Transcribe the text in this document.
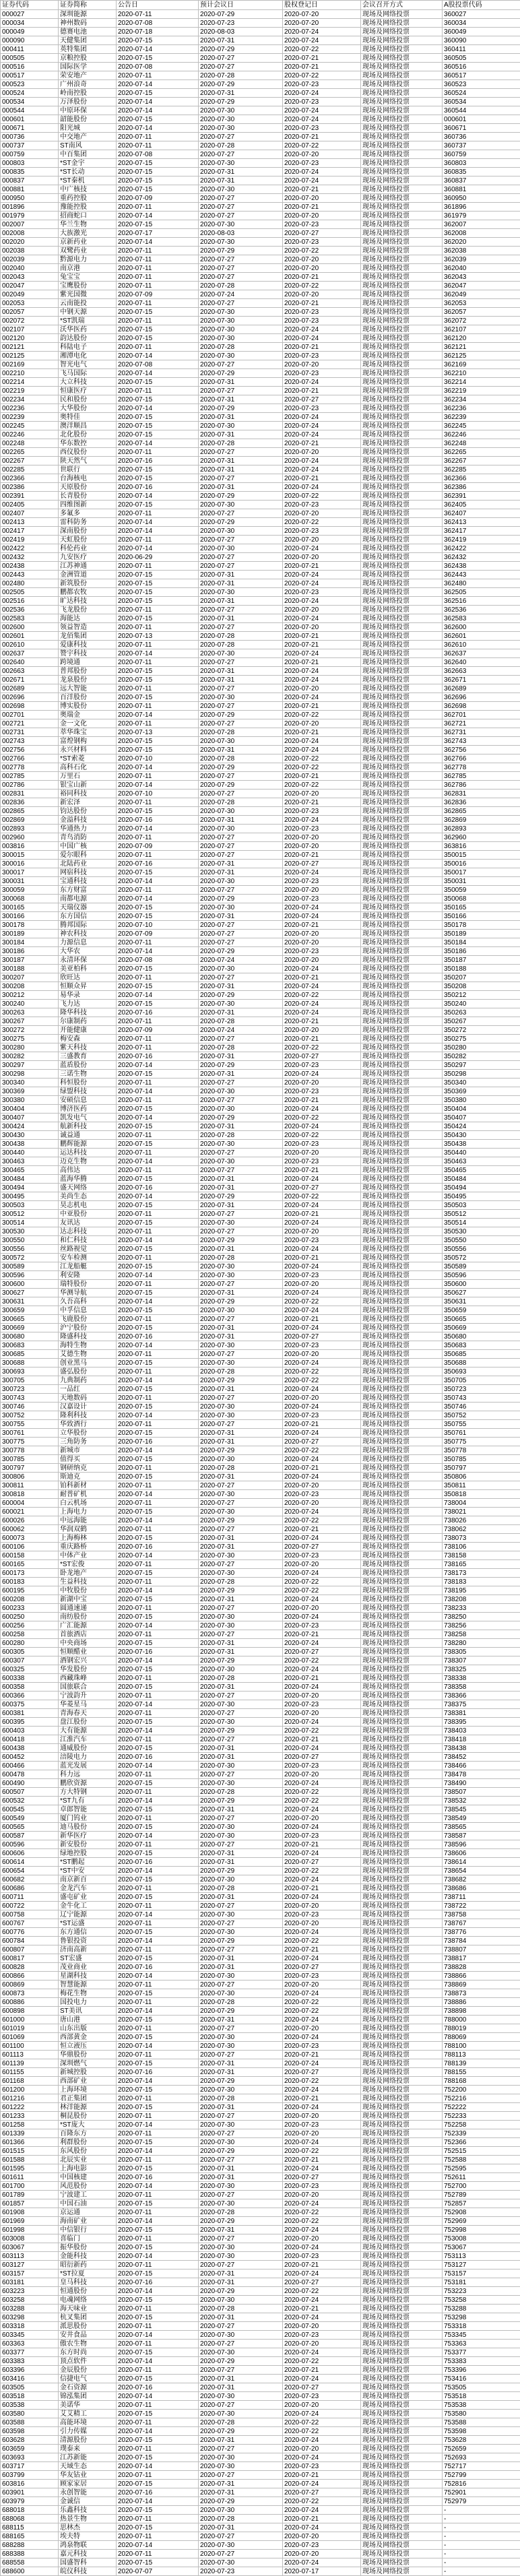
证券代码	证券简称	公告日	预计会议日	股权登记日	会议召开方式	A股投票代码
000027	深圳能源	2020-07-11	2020-07-29	2020-07-20	现场及网络投票	360027
000034	神州数码	2020-07-08	2020-07-23	2020-07-20	现场及网络投票	360034
000049	德赛电池	2020-07-18	2020-08-03	2020-07-24	现场及网络投票	360049
000090	天健集团	2020-07-15	2020-07-31	2020-07-24	现场及网络投票	360090
000411	英特集团	2020-07-14	2020-07-29	2020-07-22	现场及网络投票	360411
000505	京粮控股	2020-07-15	2020-07-27	2020-07-21	现场及网络投票	360505
000516	国际医学	2020-07-08	2020-07-27	2020-07-21	现场及网络投票	360516
000517	荣安地产	2020-07-11	2020-07-28	2020-07-22	现场及网络投票	360517
000523	广州浪奇	2020-07-14	2020-07-29	2020-07-23	现场及网络投票	360523
000524	岭南控股	2020-07-15	2020-07-31	2020-07-24	现场及网络投票	360524
000534	万泽股份	2020-07-14	2020-07-29	2020-07-23	现场及网络投票	360534
000544	中原环保	2020-07-14	2020-07-30	2020-07-24	现场及网络投票	360544
000601	韶能股份	2020-07-15	2020-07-30	2020-07-24	现场及网络投票	000601
000671	阳光城	2020-07-14	2020-07-30	2020-07-23	现场及网络投票	360671
000736	中交地产	2020-07-11	2020-07-27	2020-07-21	现场及网络投票	360736
000737	ST南风	2020-07-11	2020-07-28	2020-07-22	现场及网络投票	360737
000759	中百集团	2020-07-08	2020-07-27	2020-07-20	现场及网络投票	360759
000803	*ST金宇	2020-07-15	2020-07-30	2020-07-23	现场及网络投票	360803
000835	*ST长动	2020-07-15	2020-07-31	2020-07-24	现场及网络投票	360835
000837	*ST秦机	2020-07-15	2020-07-31	2020-07-24	现场及网络投票	360837
000881	中广核技	2020-07-15	2020-07-30	2020-07-21	现场及网络投票	360881
000950	重药控股	2020-07-09	2020-07-27	2020-07-20	现场及网络投票	360950
001896	豫能控股	2020-07-11	2020-07-27	2020-07-21	现场及网络投票	361896
001979	招商蛇口	2020-07-14	2020-07-27	2020-07-20	现场及网络投票	361979
002007	华兰生物	2020-07-15	2020-07-30	2020-07-23	现场及网络投票	362007
002008	大族激光	2020-07-17	2020-08-03	2020-07-27	现场及网络投票	362008
002020	京新药业	2020-07-14	2020-07-30	2020-07-23	现场及网络投票	362020
002038	双鹭药业	2020-07-11	2020-07-29	2020-07-22	现场及网络投票	362038
002039	黔源电力	2020-07-11	2020-07-27	2020-07-20	现场及网络投票	362039
002040	南京港	2020-07-11	2020-07-27	2020-07-20	现场及网络投票	362040
002043	兔宝宝	2020-07-11	2020-07-27	2020-07-21	现场及网络投票	362043
002047	宝鹰股份	2020-07-11	2020-07-28	2020-07-22	现场及网络投票	362047
002049	紫光国微	2020-07-09	2020-07-24	2020-07-20	现场及网络投票	362049
002053	云南能投	2020-07-11	2020-07-27	2020-07-21	现场及网络投票	362053
002057	中钢天源	2020-07-15	2020-07-30	2020-07-23	现场及网络投票	362057
002072	*ST凯瑞	2020-07-11	2020-07-30	2020-07-23	现场及网络投票	362072
002107	沃华医药	2020-07-15	2020-07-30	2020-07-24	现场及网络投票	362107
002120	韵达股份	2020-07-15	2020-07-30	2020-07-24	现场及网络投票	362120
002121	科陆电子	2020-07-11	2020-07-28	2020-07-21	现场及网络投票	362121
002125	湘潭电化	2020-07-14	2020-07-30	2020-07-23	现场及网络投票	362125
002169	智光电气	2020-07-08	2020-07-27	2020-07-20	现场及网络投票	362169
002210	飞马国际	2020-07-14	2020-07-29	2020-07-23	现场及网络投票	362210
002214	大立科技	2020-07-15	2020-07-31	2020-07-24	现场及网络投票	362214
002219	恒康医疗	2020-07-11	2020-07-27	2020-07-21	现场及网络投票	362219
002234	民和股份	2020-07-15	2020-07-31	2020-07-27	现场及网络投票	362234
002236	大华股份	2020-07-14	2020-07-29	2020-07-23	现场及网络投票	362236
002239	奥特佳	2020-07-15	2020-07-31	2020-07-24	现场及网络投票	362239
002245	澳洋顺昌	2020-07-15	2020-07-30	2020-07-24	现场及网络投票	362245
002246	北化股份	2020-07-15	2020-07-31	2020-07-24	现场及网络投票	362246
002248	华东数控	2020-07-14	2020-07-28	2020-07-21	现场及网络投票	362248
002265	西仪股份	2020-07-11	2020-07-27	2020-07-20	现场及网络投票	362265
002267	陕天然气	2020-07-16	2020-07-31	2020-07-24	现场及网络投票	362267
002285	世联行	2020-07-15	2020-07-31	2020-07-24	现场及网络投票	362285
002366	台海核电	2020-07-15	2020-07-27	2020-07-21	现场及网络投票	362366
002386	天原股份	2020-07-16	2020-07-31	2020-07-24	现场及网络投票	362386
002391	长青股份	2020-07-14	2020-07-29	2020-07-22	现场及网络投票	362391
002405	四维图新	2020-07-15	2020-07-30	2020-07-23	现场及网络投票	362405
002407	多氟多	2020-07-11	2020-07-27	2020-07-20	现场及网络投票	362407
002413	雷科防务	2020-07-14	2020-07-29	2020-07-22	现场及网络投票	362413
002417	深南股份	2020-07-14	2020-07-30	2020-07-23	现场及网络投票	362417
002419	天虹股份	2020-07-11	2020-07-27	2020-07-20	现场及网络投票	362419
002422	科伦药业	2020-07-14	2020-07-30	2020-07-24	现场及网络投票	362422
002432	九安医疗	2020-06-29	2020-07-27	2020-07-20	现场及网络投票	362432
002438	江苏神通	2020-07-11	2020-07-27	2020-07-21	现场及网络投票	362438
002443	金洲管道	2020-07-15	2020-07-31	2020-07-24	现场及网络投票	362443
002480	新筑股份	2020-07-15	2020-07-31	2020-07-24	现场及网络投票	362480
002505	鹏都农牧	2020-07-15	2020-07-30	2020-07-23	现场及网络投票	362505
002516	旷达科技	2020-07-15	2020-07-31	2020-07-24	现场及网络投票	362516
002536	飞龙股份	2020-07-11	2020-07-27	2020-07-20	现场及网络投票	362536
002583	海能达	2020-07-15	2020-07-31	2020-07-24	现场及网络投票	362583
002600	领益智造	2020-07-11	2020-07-27	2020-07-20	现场及网络投票	362600
002601	龙佰集团	2020-07-13	2020-07-28	2020-07-21	现场及网络投票	362601
002610	爱康科技	2020-07-11	2020-07-28	2020-07-21	现场及网络投票	362610
002637	赞宇科技	2020-07-14	2020-07-30	2020-07-24	现场及网络投票	362637
002640	跨境通	2020-07-11	2020-07-27	2020-07-21	现场及网络投票	362640
002663	普邦股份	2020-07-15	2020-07-31	2020-07-24	现场及网络投票	362663
002671	龙泉股份	2020-07-15	2020-07-31	2020-07-24	现场及网络投票	362671
002689	远大智能	2020-07-11	2020-07-27	2020-07-20	现场及网络投票	362689
002696	百洋股份	2020-07-15	2020-07-30	2020-07-24	现场及网络投票	362696
002698	博实股份	2020-07-11	2020-07-27	2020-07-21	现场及网络投票	362698
002701	奥瑞金	2020-07-14	2020-07-29	2020-07-22	现场及网络投票	362701
002721	金一文化	2020-07-11	2020-07-27	2020-07-20	现场及网络投票	362721
002731	萃华珠宝	2020-07-13	2020-07-28	2020-07-21	现场及网络投票	362731
002743	富煌钢构	2020-07-15	2020-07-30	2020-07-24	现场及网络投票	362743
002756	永兴材料	2020-07-15	2020-07-31	2020-07-24	现场及网络投票	362756
002766	*ST索菱	2020-07-10	2020-07-28	2020-07-22	现场及网络投票	362766
002778	高科石化	2020-07-14	2020-07-29	2020-07-22	现场及网络投票	362778
002785	万里石	2020-07-11	2020-07-27	2020-07-21	现场及网络投票	362785
002786	银宝山新	2020-07-14	2020-07-29	2020-07-22	现场及网络投票	362786
002831	裕同科技	2020-07-10	2020-07-27	2020-07-20	现场及网络投票	362831
002836	新宏泽	2020-07-11	2020-07-28	2020-07-21	现场及网络投票	362836
002865	钧达股份	2020-07-15	2020-07-30	2020-07-23	现场及网络投票	362865
002869	金溢科技	2020-07-16	2020-07-31	2020-07-24	现场及网络投票	362869
002893	华通热力	2020-07-14	2020-07-30	2020-07-23	现场及网络投票	362893
002960	青鸟消防	2020-07-11	2020-07-27	2020-07-20	现场及网络投票	362960
003816	中国广核	2020-07-09	2020-07-27	2020-07-20	现场及网络投票	363816
300015	爱尔眼科	2020-07-11	2020-07-27	2020-07-21	现场及网络投票	350015
300016	北陆药业	2020-07-16	2020-07-31	2020-07-27	现场及网络投票	350016
300017	网宿科技	2020-07-15	2020-07-31	2020-07-24	现场及网络投票	350017
300031	宝通科技	2020-07-14	2020-07-30	2020-07-23	现场及网络投票	350031
300059	东方财富	2020-07-11	2020-07-27	2020-07-20	现场及网络投票	350059
300068	南都电源	2020-07-14	2020-07-29	2020-07-23	现场及网络投票	350068
300165	天瑞仪器	2020-07-15	2020-07-30	2020-07-24	现场及网络投票	350165
300166	东方国信	2020-07-15	2020-07-31	2020-07-24	现场及网络投票	350166
300178	腾邦国际	2020-07-10	2020-07-27	2020-07-21	现场及网络投票	350178
300189	神农科技	2020-07-09	2020-07-27	2020-07-20	现场及网络投票	350189
300184	力源信息	2020-07-11	2020-07-27	2020-07-20	现场及网络投票	350184
300186	大华农	2020-07-14	2020-07-29	2020-07-23	现场及网络投票	350186
300187	永清环保	2020-07-08	2020-07-24	2020-07-20	现场及网络投票	350187
300188	美亚柏科	2020-07-15	2020-07-30	2020-07-24	现场及网络投票	350188
300207	欣旺达	2020-07-11	2020-07-27	2020-07-21	现场及网络投票	350207
300208	恒顺众昇	2020-07-15	2020-07-31	2020-07-24	现场及网络投票	350208
300212	易华录	2020-07-14	2020-07-29	2020-07-22	现场及网络投票	350212
300240	飞力达	2020-07-15	2020-07-30	2020-07-24	现场及网络投票	350240
300263	隆华科技	2020-07-16	2020-07-31	2020-07-24	现场及网络投票	350263
300267	尔康制药	2020-07-11	2020-07-28	2020-07-21	现场及网络投票	350267
300272	开能健康	2020-07-09	2020-07-24	2020-07-20	现场及网络投票	350272
300275	梅安森	2020-07-11	2020-07-27	2020-07-21	现场及网络投票	350275
300280	紫天科技	2020-07-11	2020-07-28	2020-07-22	现场及网络投票	350280
300282	三盛教育	2020-07-16	2020-07-31	2020-07-27	现场及网络投票	350282
300297	蓝盾股份	2020-07-14	2020-07-29	2020-07-23	现场及网络投票	350297
300298	三诺生物	2020-07-15	2020-07-31	2020-07-24	现场及网络投票	350298
300340	科恒股份	2020-07-11	2020-07-27	2020-07-20	现场及网络投票	350340
300369	绿盟科技	2020-07-14	2020-07-30	2020-07-23	现场及网络投票	350369
300380	安硕信息	2020-07-11	2020-07-27	2020-07-21	现场及网络投票	350380
300404	博济医药	2020-07-15	2020-07-30	2020-07-24	现场及网络投票	350404
300407	凯发电气	2020-07-14	2020-07-29	2020-07-22	现场及网络投票	350407
300424	航新科技	2020-07-15	2020-07-31	2020-07-24	现场及网络投票	350424
300430	诚益通	2020-07-11	2020-07-28	2020-07-22	现场及网络投票	350430
300438	鹏辉能源	2020-07-15	2020-07-30	2020-07-23	现场及网络投票	350438
300440	运达科技	2020-07-11	2020-07-27	2020-07-20	现场及网络投票	350440
300463	迈克生物	2020-07-14	2020-07-30	2020-07-23	现场及网络投票	350463
300465	高伟达	2020-07-11	2020-07-27	2020-07-21	现场及网络投票	350465
300484	蓝海华腾	2020-07-15	2020-07-31	2020-07-24	现场及网络投票	350484
300494	盛天网络	2020-07-16	2020-07-31	2020-07-27	现场及网络投票	350494
300495	美尚生态	2020-07-14	2020-07-29	2020-07-22	现场及网络投票	350495
300503	昊志机电	2020-07-15	2020-07-31	2020-07-24	现场及网络投票	350503
300512	中亚股份	2020-07-11	2020-07-27	2020-07-21	现场及网络投票	350512
300514	友讯达	2020-07-15	2020-07-30	2020-07-24	现场及网络投票	350514
300530	达志科技	2020-07-11	2020-07-27	2020-07-20	现场及网络投票	350530
300550	和仁科技	2020-07-14	2020-07-29	2020-07-23	现场及网络投票	350550
300556	丝路视觉	2020-07-15	2020-07-31	2020-07-24	现场及网络投票	350556
300572	安车检测	2020-07-11	2020-07-28	2020-07-21	现场及网络投票	350572
300589	江龙船艇	2020-07-15	2020-07-30	2020-07-24	现场及网络投票	350589
300596	利安隆	2020-07-14	2020-07-30	2020-07-23	现场及网络投票	350596
300600	瑞特股份	2020-07-11	2020-07-27	2020-07-20	现场及网络投票	350600
300627	华测导航	2020-07-15	2020-07-31	2020-07-24	现场及网络投票	350627
300631	久吾高科	2020-07-14	2020-07-29	2020-07-22	现场及网络投票	350631
300659	中孚信息	2020-07-15	2020-07-30	2020-07-24	现场及网络投票	350659
300665	飞鹿股份	2020-07-11	2020-07-27	2020-07-21	现场及网络投票	350665
300669	沪宁股份	2020-07-15	2020-07-31	2020-07-24	现场及网络投票	350669
300680	隆盛科技	2020-07-16	2020-07-31	2020-07-27	现场及网络投票	350680
300683	海特生物	2020-07-14	2020-07-30	2020-07-23	现场及网络投票	350683
300685	艾德生物	2020-07-11	2020-07-27	2020-07-20	现场及网络投票	350685
300688	创业黑马	2020-07-15	2020-07-30	2020-07-24	现场及网络投票	350688
300693	盛弘股份	2020-07-11	2020-07-28	2020-07-22	现场及网络投票	350693
300705	九典制药	2020-07-14	2020-07-29	2020-07-22	现场及网络投票	350705
300723	一品红	2020-07-15	2020-07-31	2020-07-24	现场及网络投票	350723
300743	天地数码	2020-07-11	2020-07-27	2020-07-20	现场及网络投票	350743
300746	汉嘉设计	2020-07-15	2020-07-30	2020-07-24	现场及网络投票	350746
300752	隆利科技	2020-07-14	2020-07-30	2020-07-23	现场及网络投票	350752
300755	华致酒行	2020-07-11	2020-07-27	2020-07-21	现场及网络投票	350755
300761	立华股份	2020-07-15	2020-07-31	2020-07-24	现场及网络投票	350761
300775	三角防务	2020-07-16	2020-07-31	2020-07-27	现场及网络投票	350775
300778	新城市	2020-07-14	2020-07-29	2020-07-22	现场及网络投票	350778
300785	值得买	2020-07-15	2020-07-30	2020-07-24	现场及网络投票	350785
300797	钢研纳克	2020-07-11	2020-07-28	2020-07-21	现场及网络投票	350797
300806	斯迪克	2020-07-15	2020-07-31	2020-07-24	现场及网络投票	350806
300811	铂科新材	2020-07-11	2020-07-27	2020-07-20	现场及网络投票	350811
300818	耐普矿机	2020-07-14	2020-07-30	2020-07-23	现场及网络投票	350818
600004	白云机场	2020-07-11	2020-07-27	2020-07-20	现场及网络投票	738004
600021	上海电力	2020-07-15	2020-07-30	2020-07-24	现场及网络投票	738021
600026	中远海能	2020-07-14	2020-07-29	2020-07-22	现场及网络投票	738026
600062	华润双鹤	2020-07-11	2020-07-27	2020-07-21	现场及网络投票	738062
600073	上海梅林	2020-07-15	2020-07-31	2020-07-24	现场及网络投票	738073
600106	重庆路桥	2020-07-16	2020-07-31	2020-07-27	现场及网络投票	738106
600158	中体产业	2020-07-14	2020-07-30	2020-07-23	现场及网络投票	738158
600165	*ST宏俊	2020-07-11	2020-07-27	2020-07-20	现场及网络投票	738165
600173	卧龙地产	2020-07-15	2020-07-30	2020-07-24	现场及网络投票	738173
600183	生益科技	2020-07-11	2020-07-28	2020-07-22	现场及网络投票	738183
600195	中牧股份	2020-07-14	2020-07-29	2020-07-22	现场及网络投票	738195
600208	新湖中宝	2020-07-15	2020-07-31	2020-07-24	现场及网络投票	738208
600233	圆通速递	2020-07-11	2020-07-27	2020-07-20	现场及网络投票	738233
600250	南纺股份	2020-07-15	2020-07-30	2020-07-24	现场及网络投票	738250
600256	广汇能源	2020-07-14	2020-07-30	2020-07-23	现场及网络投票	738256
600258	首旅酒店	2020-07-11	2020-07-27	2020-07-21	现场及网络投票	738258
600280	中央商场	2020-07-15	2020-07-31	2020-07-24	现场及网络投票	738280
600305	恒顺醋业	2020-07-16	2020-07-31	2020-07-27	现场及网络投票	738305
600307	酒钢宏兴	2020-07-14	2020-07-29	2020-07-22	现场及网络投票	738307
600325	华发股份	2020-07-15	2020-07-30	2020-07-24	现场及网络投票	738325
600338	西藏珠峰	2020-07-11	2020-07-28	2020-07-21	现场及网络投票	738338
600358	国旅联合	2020-07-15	2020-07-31	2020-07-24	现场及网络投票	738358
600366	宁波韵升	2020-07-11	2020-07-27	2020-07-20	现场及网络投票	738366
600375	华菱星马	2020-07-14	2020-07-30	2020-07-23	现场及网络投票	738375
600381	青海春天	2020-07-11	2020-07-27	2020-07-20	现场及网络投票	738381
600395	盘江股份	2020-07-15	2020-07-30	2020-07-24	现场及网络投票	738395
600403	大有能源	2020-07-14	2020-07-29	2020-07-22	现场及网络投票	738403
600418	江淮汽车	2020-07-11	2020-07-27	2020-07-21	现场及网络投票	738418
600438	通威股份	2020-07-15	2020-07-31	2020-07-24	现场及网络投票	738438
600452	涪陵电力	2020-07-16	2020-07-31	2020-07-27	现场及网络投票	738452
600466	蓝光发展	2020-07-14	2020-07-30	2020-07-23	现场及网络投票	738466
600478	科力远	2020-07-11	2020-07-27	2020-07-20	现场及网络投票	738478
600490	鹏欣资源	2020-07-15	2020-07-30	2020-07-24	现场及网络投票	738490
600507	方大特钢	2020-07-11	2020-07-28	2020-07-22	现场及网络投票	738507
600532	*ST九有	2020-07-14	2020-07-29	2020-07-22	现场及网络投票	738532
600545	卓郎智能	2020-07-15	2020-07-31	2020-07-24	现场及网络投票	738545
600549	厦门钨业	2020-07-11	2020-07-27	2020-07-20	现场及网络投票	738549
600565	迪马股份	2020-07-15	2020-07-30	2020-07-24	现场及网络投票	738565
600587	新华医疗	2020-07-14	2020-07-30	2020-07-23	现场及网络投票	738587
600596	新安股份	2020-07-11	2020-07-27	2020-07-21	现场及网络投票	738596
600606	绿地控股	2020-07-15	2020-07-31	2020-07-24	现场及网络投票	738606
600614	*ST鹏起	2020-07-16	2020-07-31	2020-07-27	现场及网络投票	738614
600654	*ST中安	2020-07-14	2020-07-29	2020-07-22	现场及网络投票	738654
600682	南京新百	2020-07-15	2020-07-30	2020-07-24	现场及网络投票	738682
600686	金龙汽车	2020-07-11	2020-07-28	2020-07-21	现场及网络投票	738686
600711	盛屯矿业	2020-07-15	2020-07-31	2020-07-24	现场及网络投票	738711
600722	金牛化工	2020-07-11	2020-07-27	2020-07-20	现场及网络投票	738722
600758	辽宁能源	2020-07-14	2020-07-30	2020-07-23	现场及网络投票	738758
600767	*ST运盛	2020-07-11	2020-07-27	2020-07-20	现场及网络投票	738767
600776	东方通信	2020-07-15	2020-07-30	2020-07-24	现场及网络投票	738776
600784	鲁银投资	2020-07-14	2020-07-29	2020-07-22	现场及网络投票	738784
600807	济南高新	2020-07-11	2020-07-27	2020-07-21	现场及网络投票	738807
600817	ST宏盛	2020-07-15	2020-07-31	2020-07-24	现场及网络投票	738817
600828	茂业商业	2020-07-16	2020-07-31	2020-07-27	现场及网络投票	738828
600866	星湖科技	2020-07-14	2020-07-30	2020-07-23	现场及网络投票	738866
600869	智慧能源	2020-07-11	2020-07-27	2020-07-20	现场及网络投票	738869
600873	梅花生物	2020-07-15	2020-07-30	2020-07-24	现场及网络投票	738873
600886	国投电力	2020-07-11	2020-07-28	2020-07-22	现场及网络投票	738886
600898	ST美讯	2020-07-14	2020-07-29	2020-07-22	现场及网络投票	738898
601000	唐山港	2020-07-15	2020-07-31	2020-07-24	现场及网络投票	788000
601019	山东出版	2020-07-11	2020-07-27	2020-07-20	现场及网络投票	788019
601069	西部黄金	2020-07-15	2020-07-30	2020-07-24	现场及网络投票	788069
601100	恒立液压	2020-07-14	2020-07-30	2020-07-23	现场及网络投票	788100
601113	华鼎股份	2020-07-11	2020-07-27	2020-07-21	现场及网络投票	788113
601139	深圳燃气	2020-07-15	2020-07-31	2020-07-24	现场及网络投票	788139
601155	新城控股	2020-07-16	2020-07-31	2020-07-27	现场及网络投票	788155
601168	西部矿业	2020-07-14	2020-07-29	2020-07-22	现场及网络投票	788168
601200	上海环境	2020-07-15	2020-07-30	2020-07-24	现场及网络投票	752200
601216	君正集团	2020-07-11	2020-07-28	2020-07-21	现场及网络投票	752216
601222	林洋能源	2020-07-15	2020-07-31	2020-07-24	现场及网络投票	752222
601233	桐昆股份	2020-07-11	2020-07-27	2020-07-20	现场及网络投票	752233
601258	*ST庞大	2020-07-14	2020-07-30	2020-07-23	现场及网络投票	752258
601339	百隆东方	2020-07-11	2020-07-27	2020-07-20	现场及网络投票	752339
601366	利群股份	2020-07-15	2020-07-30	2020-07-24	现场及网络投票	752366
601515	东风股份	2020-07-14	2020-07-29	2020-07-22	现场及网络投票	752515
601588	北辰实业	2020-07-11	2020-07-27	2020-07-21	现场及网络投票	752588
601595	上海电影	2020-07-15	2020-07-31	2020-07-24	现场及网络投票	752595
601611	中国核建	2020-07-16	2020-07-31	2020-07-27	现场及网络投票	752611
601700	风范股份	2020-07-14	2020-07-30	2020-07-23	现场及网络投票	752700
601789	宁波建工	2020-07-11	2020-07-27	2020-07-20	现场及网络投票	752789
601857	中国石油	2020-07-15	2020-07-30	2020-07-24	现场及网络投票	752857
601908	京运通	2020-07-11	2020-07-28	2020-07-22	现场及网络投票	752908
601969	海南矿业	2020-07-14	2020-07-29	2020-07-22	现场及网络投票	752969
601998	中信银行	2020-07-15	2020-07-31	2020-07-24	现场及网络投票	752998
603008	喜临门	2020-07-11	2020-07-27	2020-07-20	现场及网络投票	753008
603067	振华股份	2020-07-15	2020-07-30	2020-07-24	现场及网络投票	753067
603113	金能科技	2020-07-14	2020-07-30	2020-07-23	现场及网络投票	753113
603127	昭衍新药	2020-07-11	2020-07-27	2020-07-21	现场及网络投票	753127
603157	*ST拉夏	2020-07-15	2020-07-31	2020-07-24	现场及网络投票	753157
603181	皇马科技	2020-07-16	2020-07-31	2020-07-27	现场及网络投票	753181
603223	恒通股份	2020-07-14	2020-07-29	2020-07-22	现场及网络投票	753223
603258	电魂网络	2020-07-15	2020-07-30	2020-07-24	现场及网络投票	753258
603288	海天味业	2020-07-11	2020-07-28	2020-07-21	现场及网络投票	753288
603298	杭叉集团	2020-07-15	2020-07-31	2020-07-24	现场及网络投票	753298
603318	派思股份	2020-07-11	2020-07-27	2020-07-20	现场及网络投票	753318
603345	安井食品	2020-07-14	2020-07-30	2020-07-23	现场及网络投票	753345
603363	傲农生物	2020-07-11	2020-07-27	2020-07-20	现场及网络投票	753363
603377	东方时尚	2020-07-15	2020-07-30	2020-07-24	现场及网络投票	753377
603383	顶点软件	2020-07-14	2020-07-29	2020-07-22	现场及网络投票	753383
603396	金辰股份	2020-07-11	2020-07-27	2020-07-21	现场及网络投票	753396
603416	信捷电气	2020-07-15	2020-07-31	2020-07-24	现场及网络投票	753416
603505	金石资源	2020-07-16	2020-07-31	2020-07-27	现场及网络投票	753505
603518	锦泓集团	2020-07-14	2020-07-30	2020-07-23	现场及网络投票	753518
603538	美诺华	2020-07-11	2020-07-27	2020-07-20	现场及网络投票	753538
603580	艾艾精工	2020-07-15	2020-07-30	2020-07-24	现场及网络投票	753580
603588	高能环境	2020-07-11	2020-07-28	2020-07-22	现场及网络投票	753588
603598	引力传媒	2020-07-14	2020-07-29	2020-07-22	现场及网络投票	753598
603628	清源股份	2020-07-15	2020-07-31	2020-07-24	现场及网络投票	753628
603659	璞泰来	2020-07-11	2020-07-27	2020-07-20	现场及网络投票	752659
603693	江苏新能	2020-07-15	2020-07-30	2020-07-24	现场及网络投票	752693
603717	天域生态	2020-07-14	2020-07-30	2020-07-23	现场及网络投票	752717
603799	华友钴业	2020-07-11	2020-07-27	2020-07-21	现场及网络投票	752799
603816	顾家家居	2020-07-15	2020-07-31	2020-07-24	现场及网络投票	752816
603901	永创智能	2020-07-16	2020-07-31	2020-07-27	现场及网络投票	752901
603979	金诚信	2020-07-14	2020-07-29	2020-07-22	现场及网络投票	752979
688018	乐鑫科技	2020-07-15	2020-07-30	2020-07-24	现场及网络投票	-
688068	热景生物	2020-07-11	2020-07-28	2020-07-21	现场及网络投票	-
688115	思林杰	2020-07-15	2020-07-31	2020-07-24	现场及网络投票	-
688165	埃夫特	2020-07-11	2020-07-27	2020-07-20	现场及网络投票	-
688288	鸿泉物联	2020-07-14	2020-07-30	2020-07-23	现场及网络投票	-
688388	嘉元科技	2020-07-11	2020-07-27	2020-07-20	现场及网络投票	-
688558	国盛智科	2020-07-15	2020-07-30	2020-07-24	现场及网络投票	-
688600	皖仪科技	2020-07-07	2020-07-23	2020-07-17	现场及网络投票	-
